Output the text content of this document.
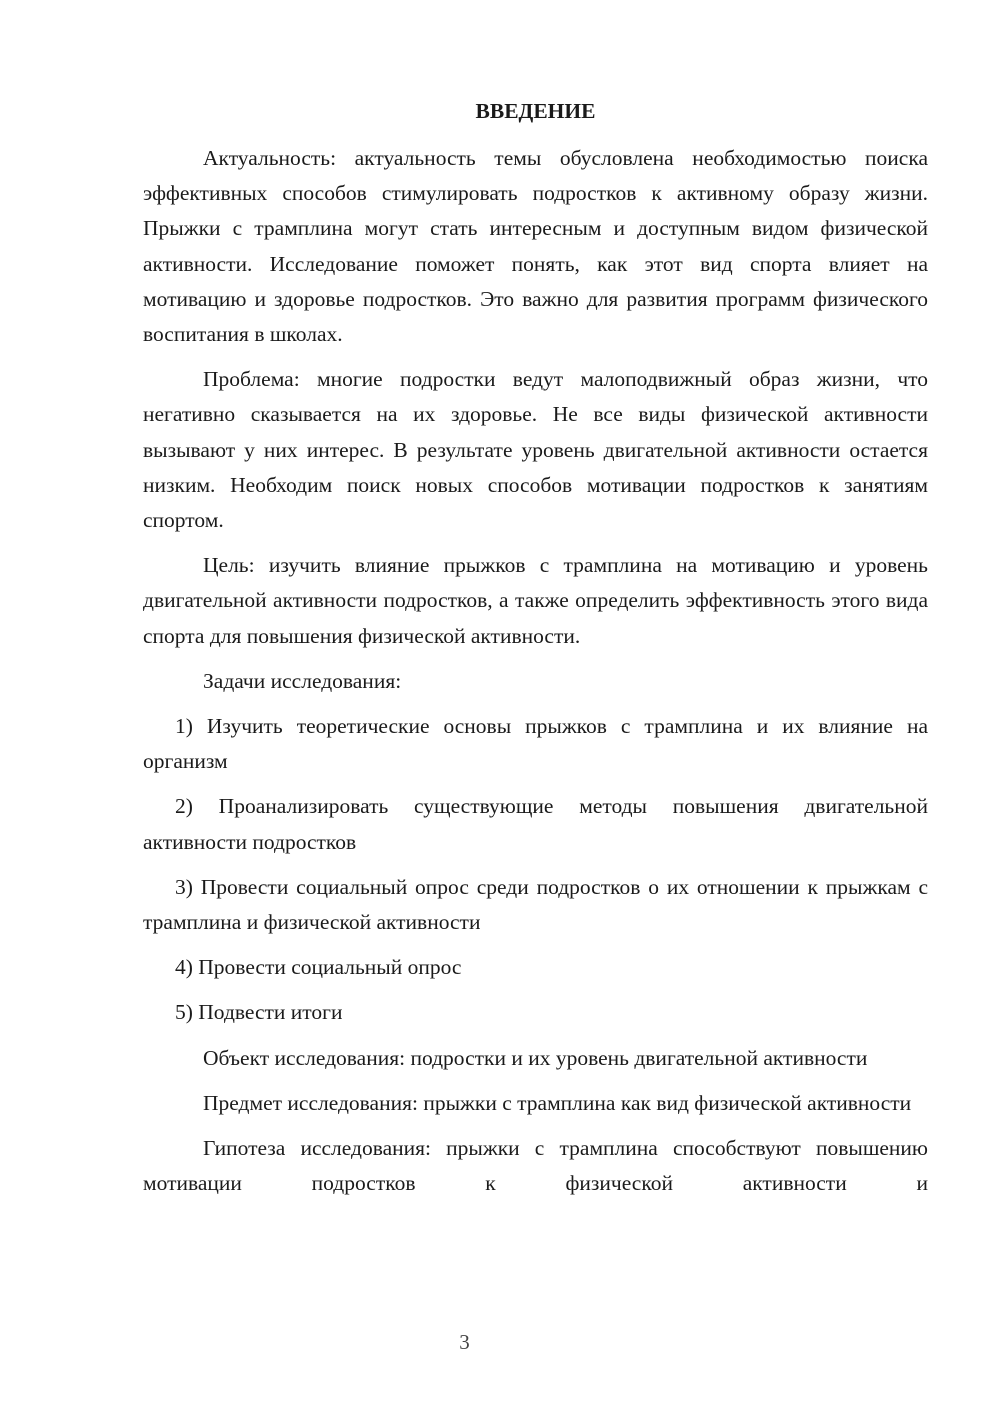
ВВЕДЕНИЕ

Актуальность: актуальность темы обусловлена необходимостью поиска эффективных способов стимулировать подростков к активному образу жизни. Прыжки с трамплина могут стать интересным и доступным видом физической активности. Исследование поможет понять, как этот вид спорта влияет на мотивацию и здоровье подростков. Это важно для развития программ физического воспитания в школах.

Проблема: многие подростки ведут малоподвижный образ жизни, что негативно сказывается на их здоровье. Не все виды физической активности вызывают у них интерес. В результате уровень двигательной активности остается низким. Необходим поиск новых способов мотивации подростков к занятиям спортом.

Цель: изучить влияние прыжков с трамплина на мотивацию и уровень двигательной активности подростков, а также определить эффективность этого вида спорта для повышения физической активности.

Задачи исследования:

1) Изучить теоретические основы прыжков с трамплина и их влияние на организм

2) Проанализировать существующие методы повышения двигательной активности подростков

3) Провести социальный опрос среди подростков о их отношении к прыжкам с трамплина и физической активности

4) Провести социальный опрос

5) Подвести итоги

Объект исследования: подростки и их уровень двигательной активности

Предмет исследования: прыжки с трамплина как вид физической активности

Гипотеза исследования: прыжки с трамплина способствуют повышению мотивации подростков к физической активности и

3
